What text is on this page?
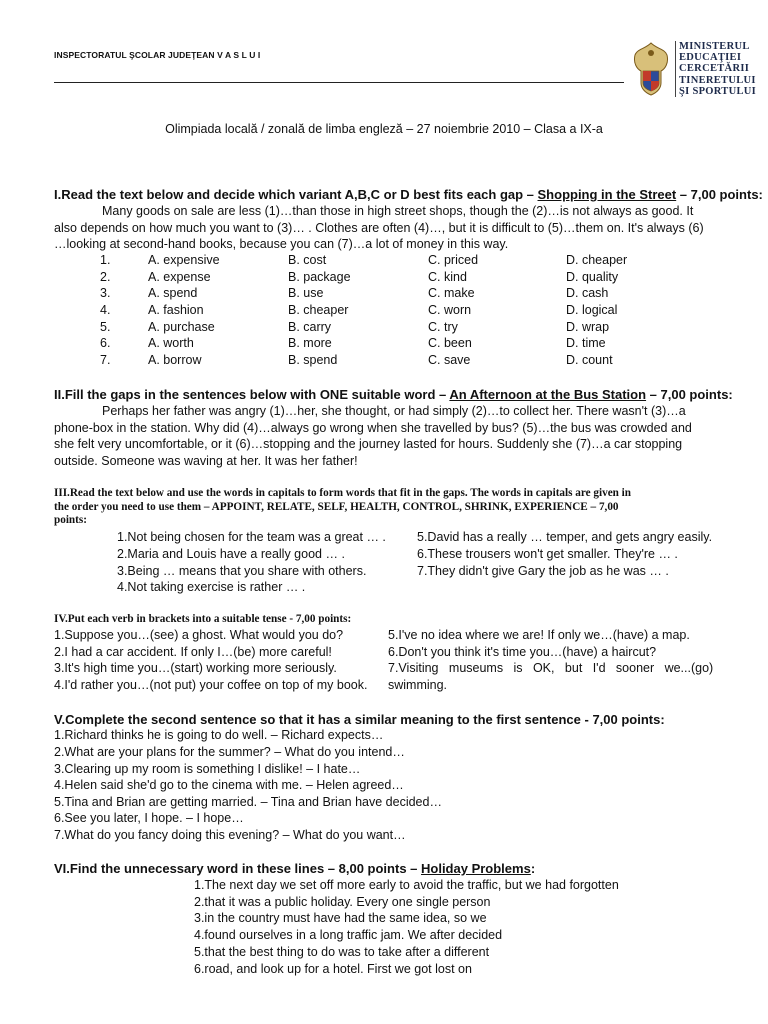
INSPECTORATUL ŞCOLAR JUDEŢEAN V A S L U I
MINISTERUL
EDUCAŢIEI
CERCETĂRII
TINERETULUI
ŞI SPORTULUI
Olimpiada locală / zonală de limba engleză – 27 noiembrie 2010 – Clasa a IX-a
I.Read the text below and decide which variant A,B,C or D best fits each gap – Shopping in the Street – 7,00 points:
Many goods on sale are less (1)…than those in high street shops, though the (2)…is not always as good. It
also depends on how much you want to (3)… . Clothes are often (4)…, but it is difficult to (5)…them on. It's always (6)
…looking at second-hand books, because you can (7)…a lot of money in this way.
1.	A. expensive	B. cost	C. priced	D. cheaper
2.	A. expense	B. package	C. kind	D. quality
3.	A. spend	B. use	C. make	D. cash
4.	A. fashion	B. cheaper	C. worn	D. logical
5.	A. purchase	B. carry	C. try	D. wrap
6.	A. worth	B. more	C. been	D. time
7.	A. borrow	B. spend	C. save	D. count
II.Fill the gaps in the sentences below with ONE suitable word – An Afternoon at the Bus Station – 7,00 points:
Perhaps her father was angry (1)…her, she thought, or had simply (2)…to collect her. There wasn't (3)…a
phone-box in the station. Why did (4)…always go wrong when she travelled by bus? (5)…the bus was crowded and
she felt very uncomfortable, or it (6)…stopping and the journey lasted for hours. Suddenly she (7)…a car stopping
outside. Someone was waving at her. It was her father!
III.Read the text below and use the words in capitals to form words that fit in the gaps. The words in capitals are given in
the order you need to use them – APPOINT, RELATE, SELF, HEALTH, CONTROL, SHRINK, EXPERIENCE – 7,00
points:
1.Not being chosen for the team was a great … .
2.Maria and Louis have a really good … .
3.Being … means that you share with others.
4.Not taking exercise is rather … .
5.David has a really … temper, and gets angry easily.
6.These trousers won't get smaller. They're … .
7.They didn't give Gary the job as he was … .
IV.Put each verb in brackets into a suitable tense - 7,00 points:
1.Suppose you…(see) a ghost. What would you do?
2.I had a car accident. If only I…(be) more careful!
3.It's high time you…(start) working more seriously.
4.I'd rather you…(not put) your coffee on top of my book.
5.I've no idea where we are! If only we…(have) a map.
6.Don't you think it's time you…(have) a haircut?
7.Visiting   museums   is   OK,   but   I'd   sooner   we...(go)
swimming.
V.Complete the second sentence so that it has a similar meaning to the first sentence - 7,00 points:
1.Richard thinks he is going to do well. – Richard expects…
2.What are your plans for the summer? – What do you intend…
3.Clearing up my room is something I dislike! – I hate…
4.Helen said she'd go to the cinema with me. – Helen agreed…
5.Tina and Brian are getting married. – Tina and Brian have decided…
6.See you later, I hope. – I hope…
7.What do you fancy doing this evening? – What do you want…
VI.Find the unnecessary word in these lines – 8,00 points – Holiday Problems:
1.The next day we set off more early to avoid the traffic, but we had forgotten
2.that it was a public holiday. Every one single person
3.in the country must have had the same idea, so we
4.found ourselves in a long traffic jam. We after decided
5.that the best thing to do was to take after a different
6.road, and look up for a hotel. First we got lost on
